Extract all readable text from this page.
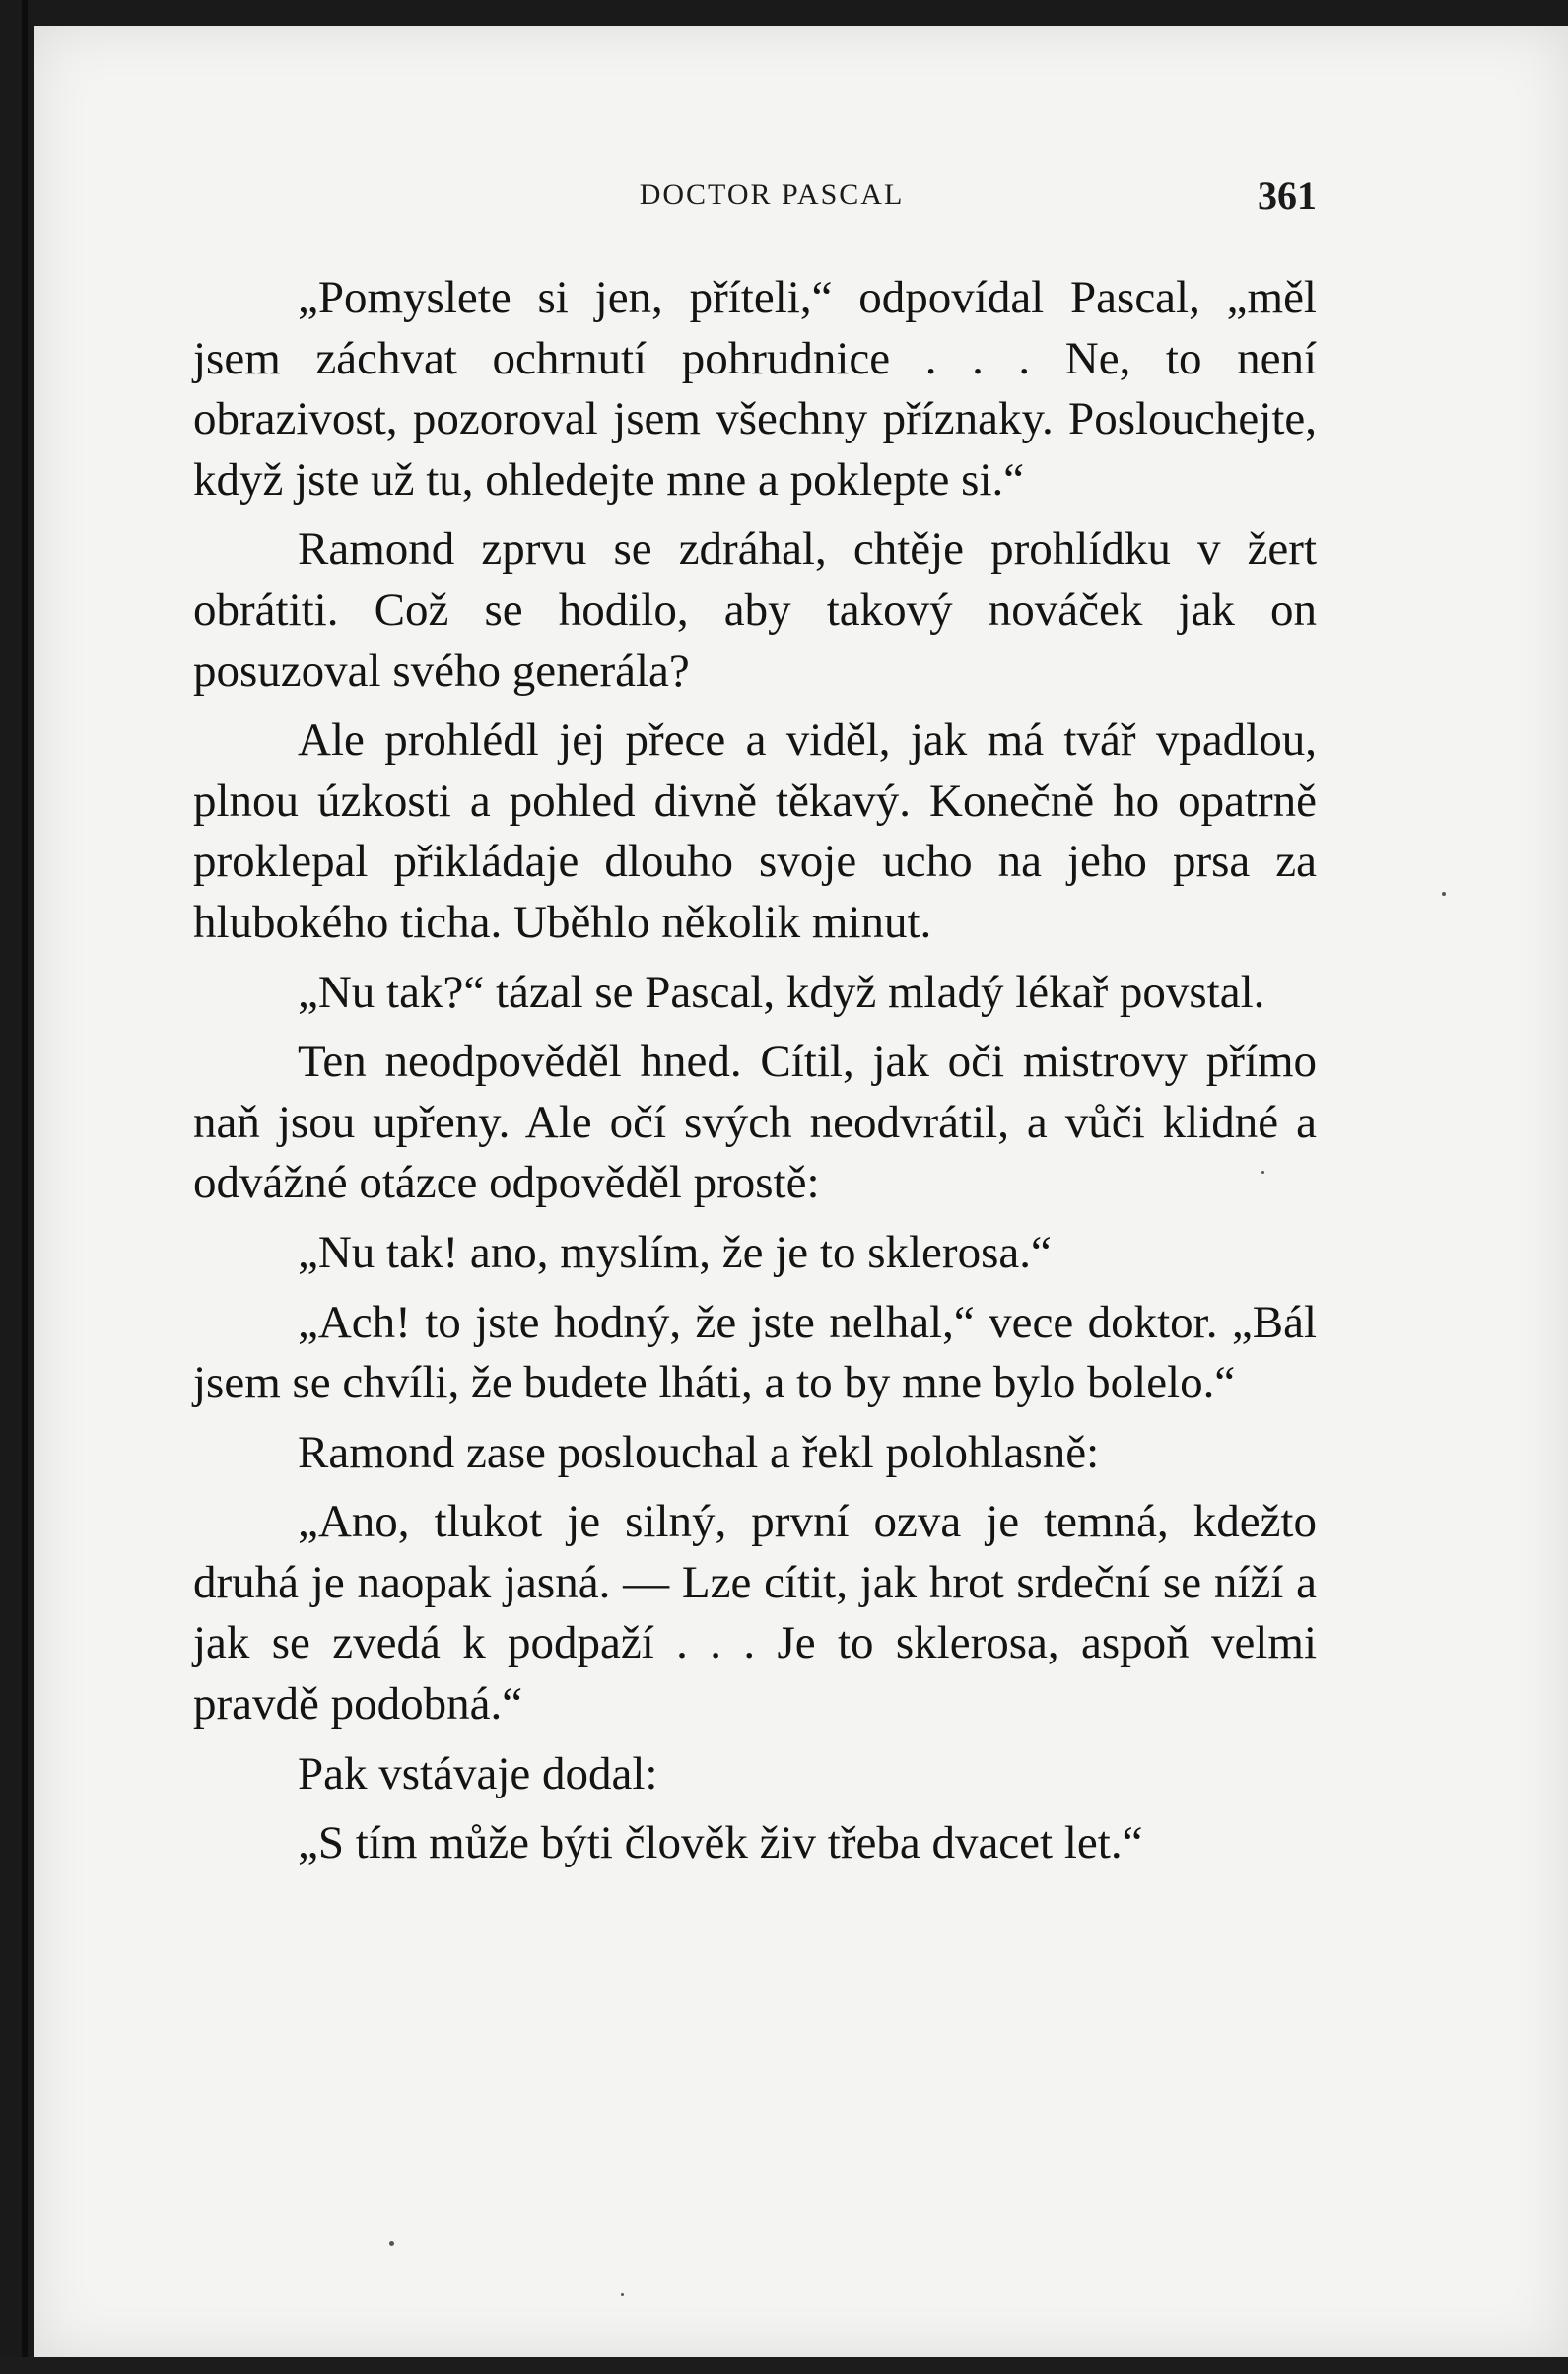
DOCTOR PASCAL	361

„Pomyslete si jen, příteli,“ odpovídal Pascal, „měl jsem záchvat ochrnutí pohrudnice . . . Ne, to není obrazivost, pozoroval jsem všechny příznaky. Poslouchejte, když jste už tu, ohledejte mne a poklepte si.“

Ramond zprvu se zdráhal, chtěje prohlídku v žert obrátiti. Což se hodilo, aby takový nováček jak on posuzoval svého generála?

Ale prohlédl jej přece a viděl, jak má tvář vpadlou, plnou úzkosti a pohled divně těkavý. Konečně ho opatrně proklepal přikládaje dlouho svoje ucho na jeho prsa za hlubokého ticha. Uběhlo několik minut.

„Nu tak?“ tázal se Pascal, když mladý lékař povstal.

Ten neodpověděl hned. Cítil, jak oči mistrovy přímo naň jsou upřeny. Ale očí svých neodvrátil, a vůči klidné a odvážné otázce odpověděl prostě:

„Nu tak! ano, myslím, že je to sklerosa.“

„Ach! to jste hodný, že jste nelhal,“ vece doktor. „Bál jsem se chvíli, že budete lháti, a to by mne bylo bolelo.“

Ramond zase poslouchal a řekl polohlasně:

„Ano, tlukot je silný, první ozva je temná, kdežto druhá je naopak jasná. — Lze cítit, jak hrot srdeční se níží a jak se zvedá k podpaží . . . Je to sklerosa, aspoň velmi pravdě podobná.“

Pak vstávaje dodal:

„S tím může býti člověk živ třeba dvacet let.“
